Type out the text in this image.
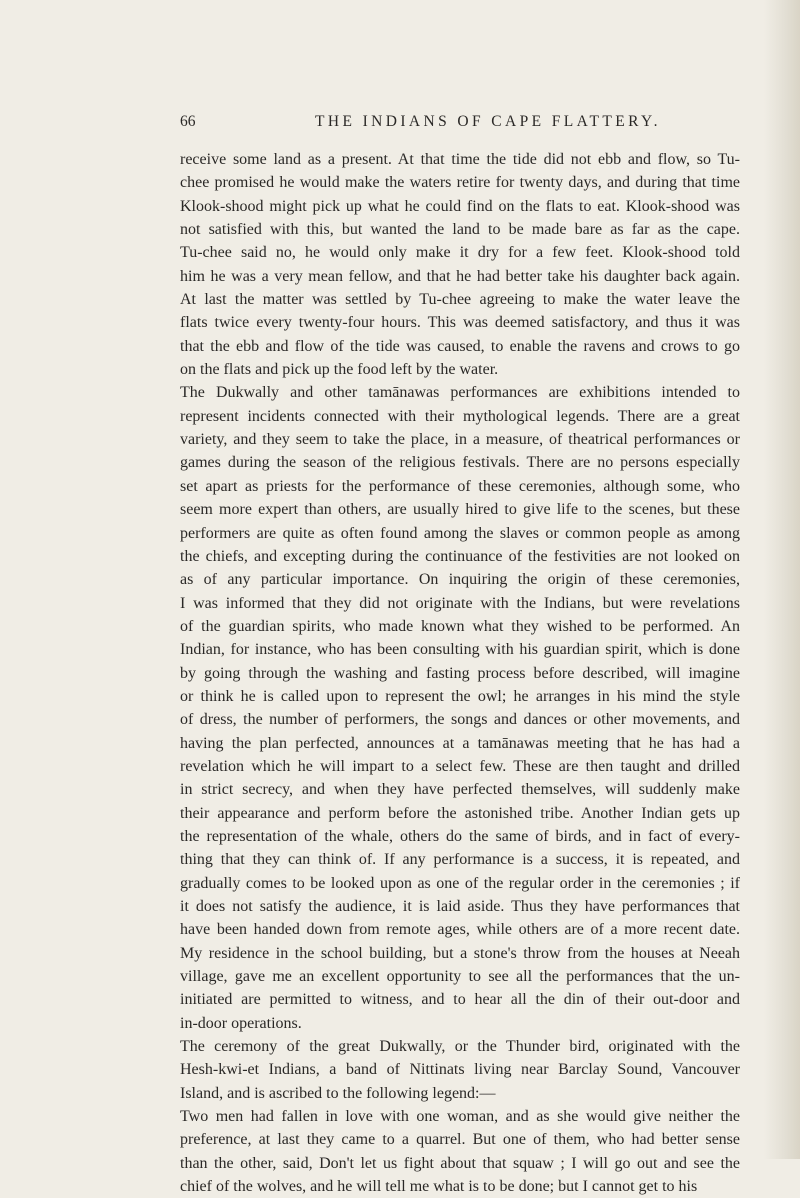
66	THE INDIANS OF CAPE FLATTERY.
receive some land as a present. At that time the tide did not ebb and flow, so Tu-
chee promised he would make the waters retire for twenty days, and during that time
Klook-shood might pick up what he could find on the flats to eat. Klook-shood was
not satisfied with this, but wanted the land to be made bare as far as the cape.
Tu-chee said no, he would only make it dry for a few feet. Klook-shood told
him he was a very mean fellow, and that he had better take his daughter back again.
At last the matter was settled by Tu-chee agreeing to make the water leave the
flats twice every twenty-four hours. This was deemed satisfactory, and thus it was
that the ebb and flow of the tide was caused, to enable the ravens and crows to go
on the flats and pick up the food left by the water.
The Dukwally and other tamānawas performances are exhibitions intended to
represent incidents connected with their mythological legends. There are a great
variety, and they seem to take the place, in a measure, of theatrical performances or
games during the season of the religious festivals. There are no persons especially
set apart as priests for the performance of these ceremonies, although some, who
seem more expert than others, are usually hired to give life to the scenes, but these
performers are quite as often found among the slaves or common people as among
the chiefs, and excepting during the continuance of the festivities are not looked on
as of any particular importance. On inquiring the origin of these ceremonies,
I was informed that they did not originate with the Indians, but were revelations
of the guardian spirits, who made known what they wished to be performed. An
Indian, for instance, who has been consulting with his guardian spirit, which is done
by going through the washing and fasting process before described, will imagine
or think he is called upon to represent the owl; he arranges in his mind the style
of dress, the number of performers, the songs and dances or other movements, and
having the plan perfected, announces at a tamānawas meeting that he has had a
revelation which he will impart to a select few. These are then taught and drilled
in strict secrecy, and when they have perfected themselves, will suddenly make
their appearance and perform before the astonished tribe. Another Indian gets up
the representation of the whale, others do the same of birds, and in fact of every-
thing that they can think of. If any performance is a success, it is repeated, and
gradually comes to be looked upon as one of the regular order in the ceremonies ; if
it does not satisfy the audience, it is laid aside. Thus they have performances that
have been handed down from remote ages, while others are of a more recent date.
My residence in the school building, but a stone's throw from the houses at Neeah
village, gave me an excellent opportunity to see all the performances that the un-
initiated are permitted to witness, and to hear all the din of their out-door and
in-door operations.
The ceremony of the great Dukwally, or the Thunder bird, originated with the
Hesh-kwi-et Indians, a band of Nittinats living near Barclay Sound, Vancouver
Island, and is ascribed to the following legend:—
Two men had fallen in love with one woman, and as she would give neither the
preference, at last they came to a quarrel. But one of them, who had better sense
than the other, said, Don't let us fight about that squaw ; I will go out and see the
chief of the wolves, and he will tell me what is to be done; but I cannot get to his
